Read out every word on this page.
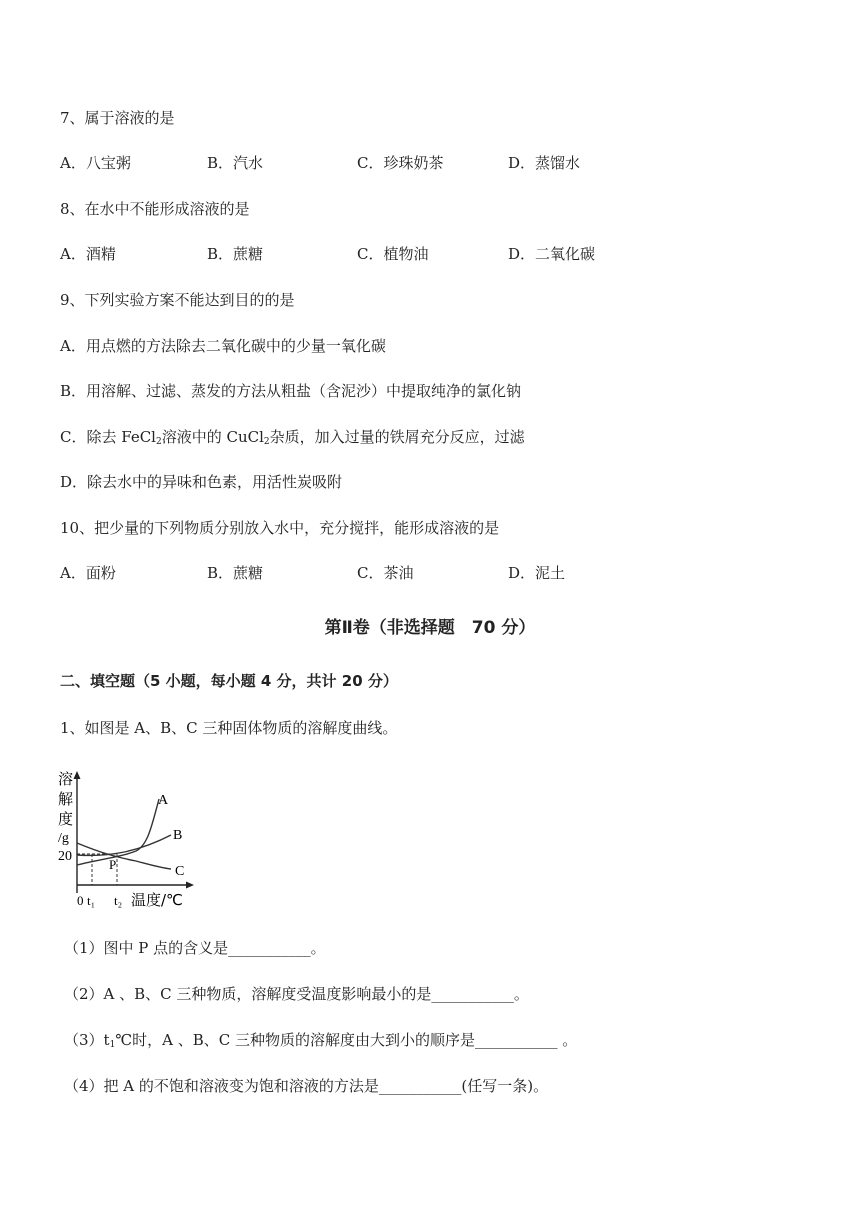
7、属于溶液的是
A．八宝粥	B．汽水	C．珍珠奶茶	D．蒸馏水
8、在水中不能形成溶液的是
A．酒精	B．蔗糖	C．植物油	D．二氧化碳
9、下列实验方案不能达到目的的是
A．用点燃的方法除去二氧化碳中的少量一氧化碳
B．用溶解、过滤、蒸发的方法从粗盐（含泥沙）中提取纯净的氯化钠
C．除去 FeCl$_2$溶液中的 CuCl$_2$杂质，加入过量的铁屑充分反应，过滤
D．除去水中的异味和色素，用活性炭吸附
10、把少量的下列物质分别放入水中，充分搅拌，能形成溶液的是
A．面粉	B．蔗糖	C．茶油	D．泥土
第Ⅱ卷（非选择题　70 分）
二、填空题（5 小题，每小题 4 分，共计 20 分）
1、如图是 A、B、C 三种固体物质的溶解度曲线。
溶
解
度
/g
20
0 t₁ t₂ 温度/℃
P
A
B
C
（1）图中 P 点的含义是___________。
（2）A 、B、C 三种物质，溶解度受温度影响最小的是___________。
$(3)t_1℃$时，A 、B、C 三种物质的溶解度由大到小的顺序是___________ 。
（4）把 A 的不饱和溶液变为饱和溶液的方法是___________(任写一条)。
